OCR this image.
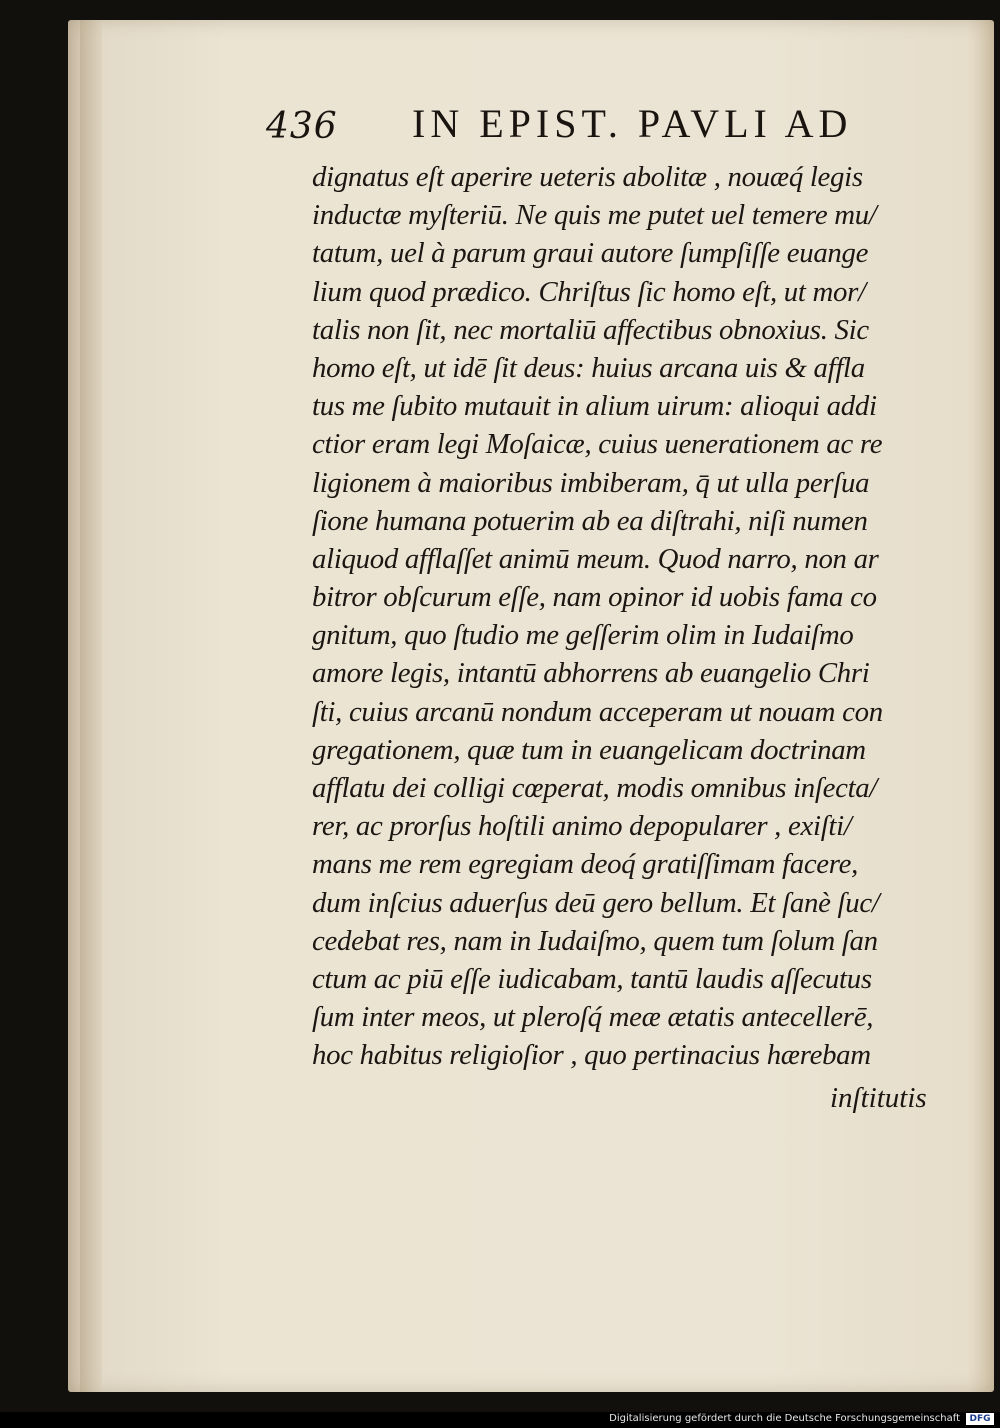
436 IN EPIST. PAVLI AD
dignatus eſt aperire ueteris abolitæ , nouæq́ legis
inductæ myſteriū. Ne quis me putet uel temere mu/
tatum, uel à parum graui autore ſumpſiſſe euange
lium quod prædico. Chriſtus ſic homo eſt, ut mor/
talis non ſit, nec mortaliū affectibus obnoxius. Sic
homo eſt, ut idē ſit deus: huius arcana uis & affla
tus me ſubito mutauit in alium uirum: alioqui addi
ctior eram legi Moſaicæ, cuius uenerationem ac re
ligionem à maioribus imbiberam, q̄ ut ulla perſua
ſione humana potuerim ab ea diſtrahi, niſi numen
aliquod afflaſſet animū meum. Quod narro, non ar
bitror obſcurum eſſe, nam opinor id uobis fama co
gnitum, quo ſtudio me geſſerim olim in Iudaiſmo
amore legis, intantū abhorrens ab euangelio Chri
ſti, cuius arcanū nondum acceperam ut nouam con
gregationem, quæ tum in euangelicam doctrinam
afflatu dei colligi cœperat, modis omnibus inſecta/
rer, ac prorſus hoſtili animo depopularer , exiſti/
mans me rem egregiam deoq́ gratiſſimam facere,
dum inſcius aduerſus deū gero bellum. Et ſanè ſuc/
cedebat res, nam in Iudaiſmo, quem tum ſolum ſan
ctum ac piū eſſe iudicabam, tantū laudis aſſecutus
ſum inter meos, ut pleroſq́ meæ ætatis antecellerē,
hoc habitus religioſior , quo pertinacius hærebam
inſtitutis
Digitalisierung gefördert durch die Deutsche Forschungsgemeinschaft	DFG
